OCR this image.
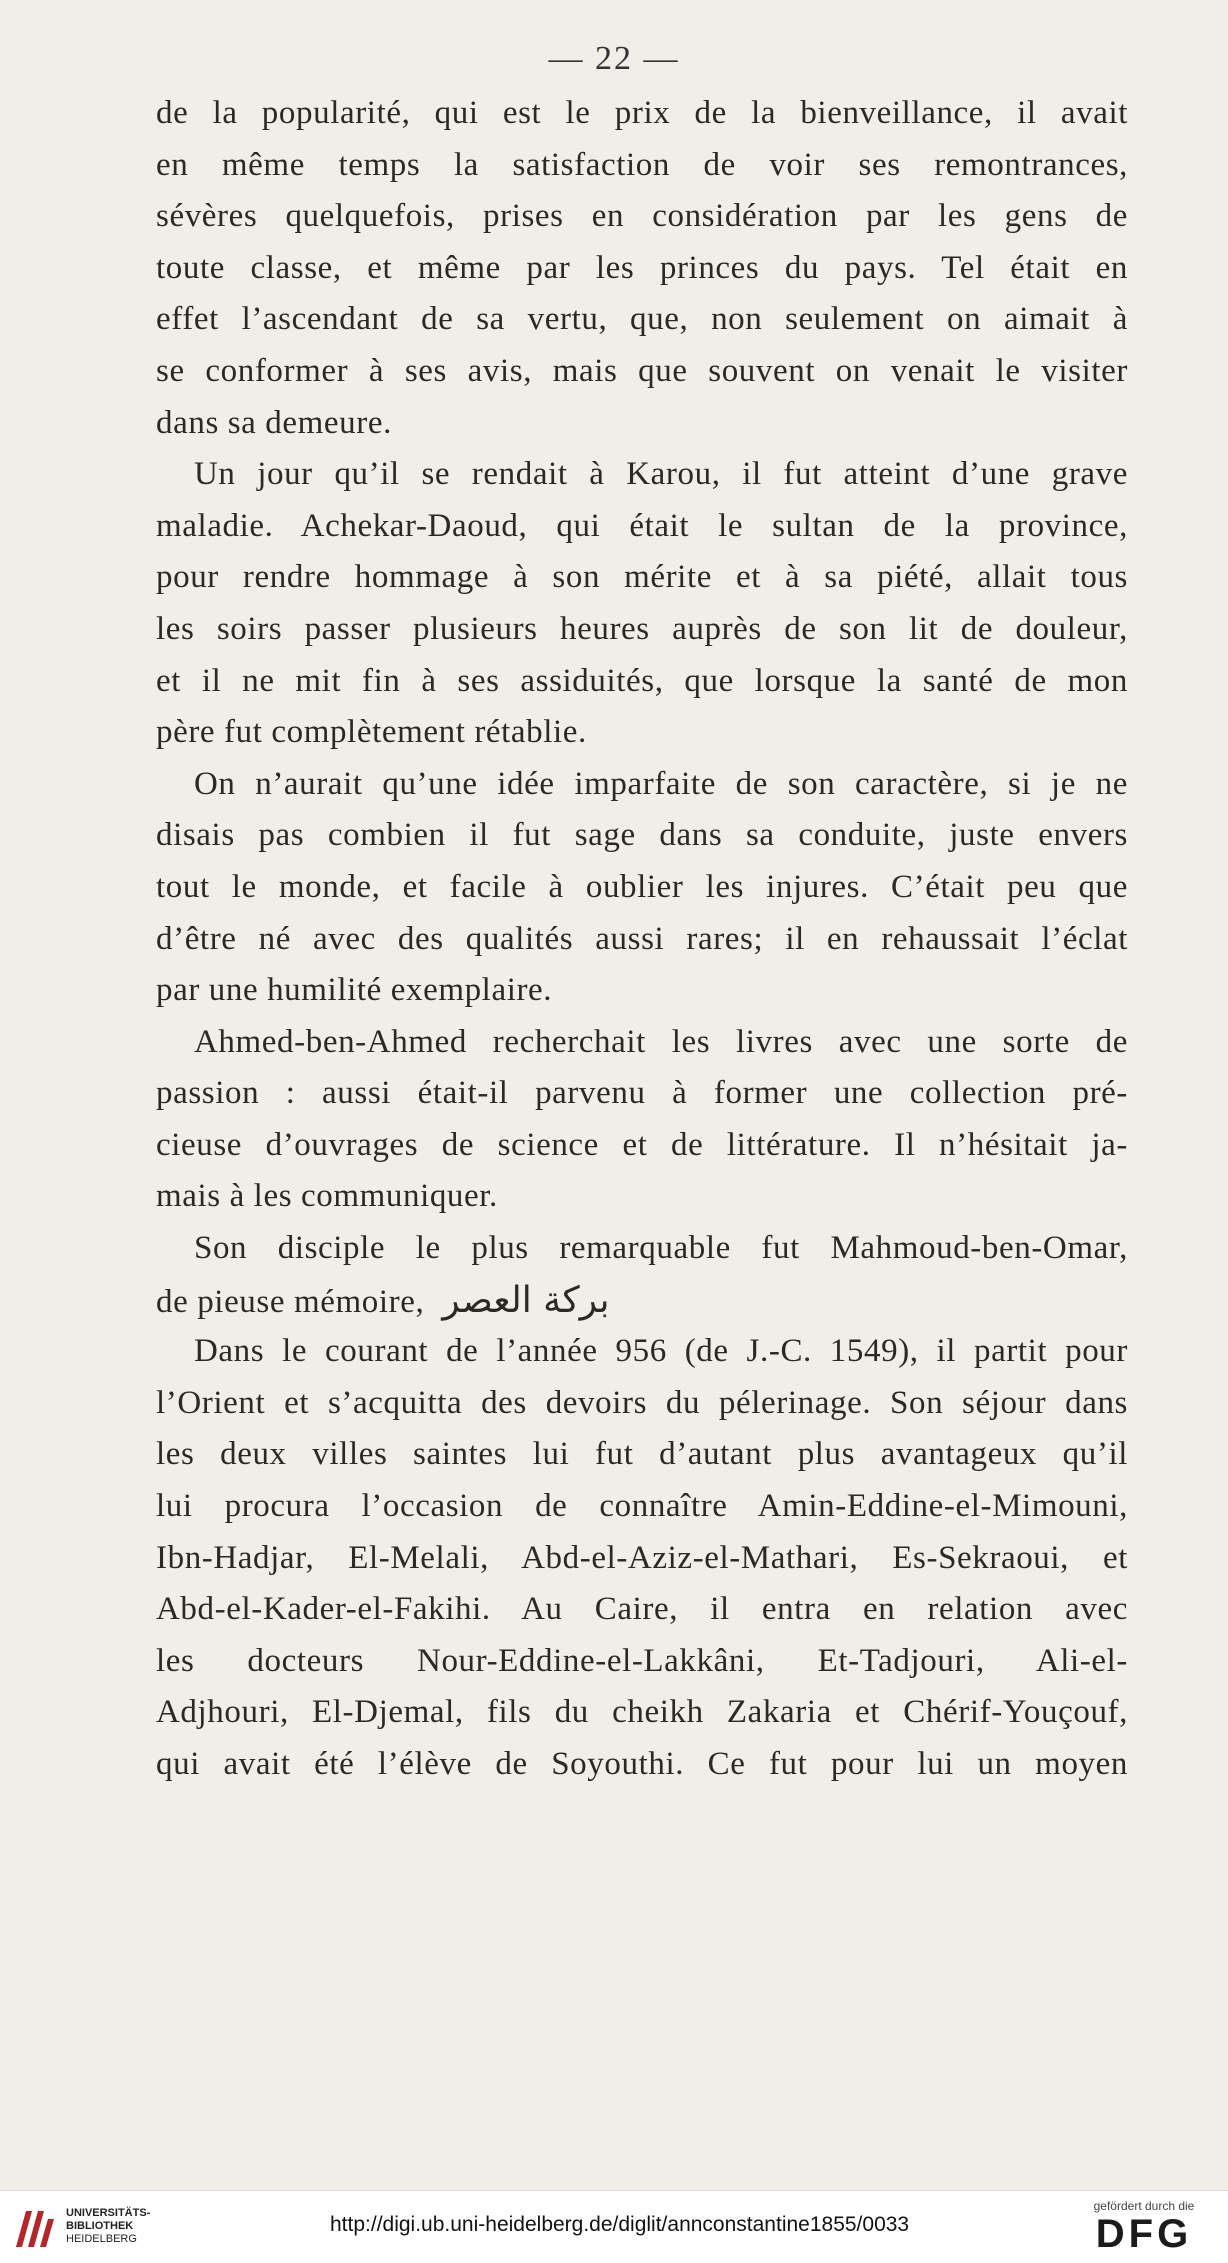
— 22 —
de la popularité, qui est le prix de la bienveillance, il avait
en même temps la satisfaction de voir ses remontrances,
sévères quelquefois, prises en considération par les gens de
toute classe, et même par les princes du pays. Tel était en
effet l’ascendant de sa vertu, que, non seulement on aimait à
se conformer à ses avis, mais que souvent on venait le visiter
dans sa demeure.
Un jour qu’il se rendait à Karou, il fut atteint d’une grave
maladie. Achekar-Daoud, qui était le sultan de la province,
pour rendre hommage à son mérite et à sa piété, allait tous
les soirs passer plusieurs heures auprès de son lit de douleur,
et il ne mit fin à ses assiduités, que lorsque la santé de mon
père fut complètement rétablie.
On n’aurait qu’une idée imparfaite de son caractère, si je ne
disais pas combien il fut sage dans sa conduite, juste envers
tout le monde, et facile à oublier les injures. C’était peu que
d’être né avec des qualités aussi rares; il en rehaussait l’éclat
par une humilité exemplaire.
Ahmed-ben-Ahmed recherchait les livres avec une sorte de
passion : aussi était-il parvenu à former une collection pré-
cieuse d’ouvrages de science et de littérature. Il n’hésitait ja-
mais à les communiquer.
Son disciple le plus remarquable fut Mahmoud-ben-Omar,
de pieuse mémoire, بركة العصر
Dans le courant de l’année 956 (de J.-C. 1549), il partit pour
l’Orient et s’acquitta des devoirs du pélerinage. Son séjour dans
les deux villes saintes lui fut d’autant plus avantageux qu’il
lui procura l’occasion de connaître Amin-Eddine-el-Mimouni,
Ibn-Hadjar, El-Melali, Abd-el-Aziz-el-Mathari, Es-Sekraoui, et
Abd-el-Kader-el-Fakihi. Au Caire, il entra en relation avec
les docteurs Nour-Eddine-el-Lakkâni, Et-Tadjouri, Ali-el-
Adjhouri, El-Djemal, fils du cheikh Zakaria et Chérif-Youçouf,
qui avait été l’élève de Soyouthi. Ce fut pour lui un moyen
UNIVERSITÄTS-
BIBLIOTHEK
HEIDELBERG
http://digi.ub.uni-heidelberg.de/diglit/annconstantine1855/0033
gefördert durch die
DFG
